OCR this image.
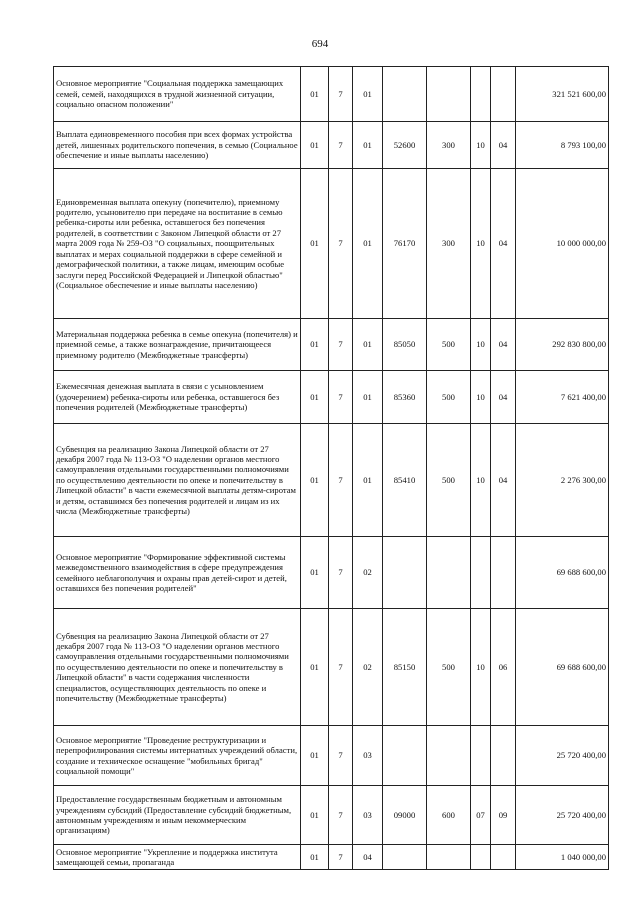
694
Основное мероприятие "Социальная поддержка замещающих семей, семей, находящихся в трудной жизненной ситуации, социально опасном положении"	01	7	01					321 521 600,00
Выплата единовременного пособия при всех формах устройства детей, лишенных родительского попечения, в семью (Социальное обеспечение и иные выплаты населению)	01	7	01	52600	300	10	04	8 793 100,00
Единовременная выплата опекуну (попечителю), приемному родителю, усыновителю при передаче на воспитание в семью ребенка-сироты или ребенка, оставшегося без попечения родителей, в соответствии с Законом Липецкой области от 27 марта 2009 года № 259-ОЗ "О социальных, поощрительных выплатах и мерах социальной поддержки в сфере семейной и демографической политики, а также лицам, имеющим особые заслуги перед Российской Федерацией и Липецкой областью" (Социальное обеспечение и иные выплаты населению)	01	7	01	76170	300	10	04	10 000 000,00
Материальная поддержка ребенка в семье опекуна (попечителя) и приемной семье, а также вознаграждение, причитающееся приемному родителю (Межбюджетные трансферты)	01	7	01	85050	500	10	04	292 830 800,00
Ежемесячная денежная выплата в связи с усыновлением (удочерением) ребенка-сироты или ребенка, оставшегося без попечения родителей (Межбюджетные трансферты)	01	7	01	85360	500	10	04	7 621 400,00
Субвенция на реализацию Закона Липецкой области от 27 декабря 2007 года № 113-ОЗ "О наделении органов местного самоуправления отдельными государственными полномочиями по осуществлению деятельности по опеке и попечительству в Липецкой области" в части ежемесячной выплаты детям-сиротам и детям, оставшимся без попечения родителей и лицам из их числа (Межбюджетные трансферты)	01	7	01	85410	500	10	04	2 276 300,00
Основное мероприятие "Формирование эффективной системы межведомственного взаимодействия в сфере предупреждения семейного неблагополучия и охраны прав детей-сирот и детей, оставшихся без попечения родителей"	01	7	02					69 688 600,00
Субвенция на реализацию Закона Липецкой области от 27 декабря 2007 года № 113-ОЗ "О наделении органов местного самоуправления отдельными государственными полномочиями по осуществлению деятельности по опеке и попечительству в Липецкой области" в части содержания численности специалистов, осуществляющих деятельность по опеке и попечительству (Межбюджетные трансферты)	01	7	02	85150	500	10	06	69 688 600,00
Основное мероприятие "Проведение реструктуризации и перепрофилирования системы интернатных учреждений области, создание и техническое оснащение "мобильных бригад" социальной помощи"	01	7	03					25 720 400,00
Предоставление государственным бюджетным и автономным учреждениям субсидий (Предоставление субсидий бюджетным, автономным учреждениям и иным некоммерческим организациям)	01	7	03	09000	600	07	09	25 720 400,00
Основное мероприятие "Укрепление и поддержка института замещающей семьи, пропаганда	01	7	04					1 040 000,00
